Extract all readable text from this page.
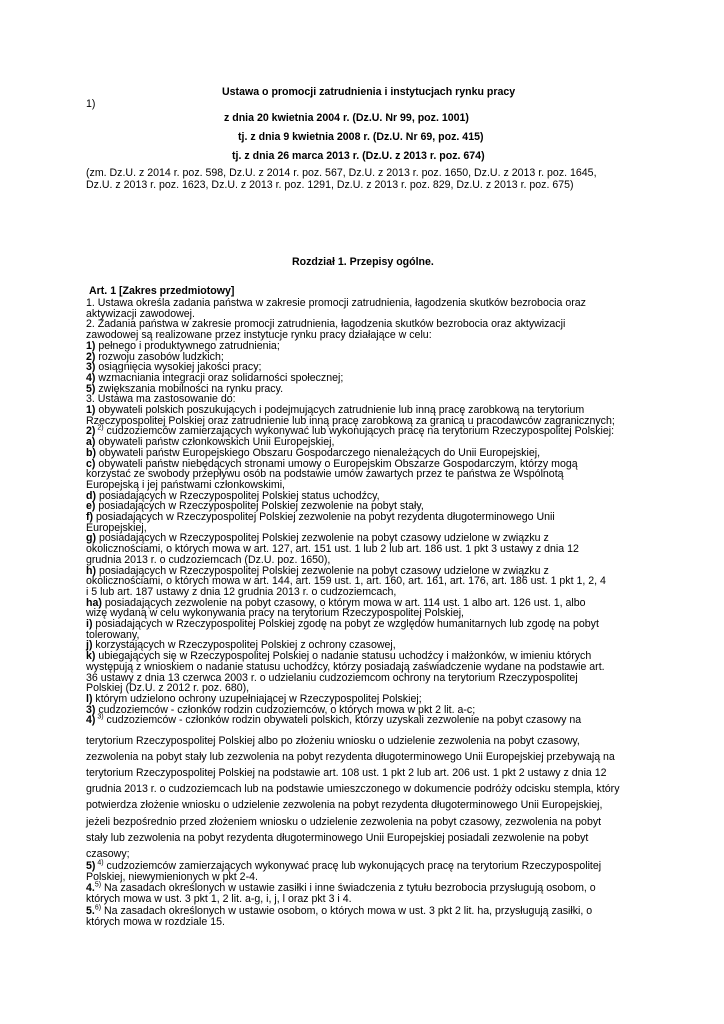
Ustawa o promocji zatrudnienia i instytucjach rynku pracy
1)
z dnia 20 kwietnia 2004 r. (Dz.U. Nr 99, poz. 1001)
tj. z dnia 9 kwietnia 2008 r. (Dz.U. Nr 69, poz. 415)
tj. z dnia 26 marca 2013 r. (Dz.U. z 2013 r. poz. 674)
(zm. Dz.U. z 2014 r. poz. 598, Dz.U. z 2014 r. poz. 567, Dz.U. z 2013 r. poz. 1650, Dz.U. z 2013 r. poz. 1645,
Dz.U. z 2013 r. poz. 1623, Dz.U. z 2013 r. poz. 1291, Dz.U. z 2013 r. poz. 829, Dz.U. z 2013 r. poz. 675)
Rozdział 1. Przepisy ogólne.
Art. 1 [Zakres przedmiotowy]
1. Ustawa określa zadania państwa w zakresie promocji zatrudnienia, łagodzenia skutków bezrobocia oraz
aktywizacji zawodowej.
2. Zadania państwa w zakresie promocji zatrudnienia, łagodzenia skutków bezrobocia oraz aktywizacji
zawodowej są realizowane przez instytucje rynku pracy działające w celu:
1) pełnego i produktywnego zatrudnienia;
2) rozwoju zasobów ludzkich;
3) osiągnięcia wysokiej jakości pracy;
4) wzmacniania integracji oraz solidarności społecznej;
5) zwiększania mobilności na rynku pracy.
3. Ustawa ma zastosowanie do:
1) obywateli polskich poszukujących i podejmujących zatrudnienie lub inną pracę zarobkową na terytorium
Rzeczypospolitej Polskiej oraz zatrudnienie lub inną pracę zarobkową za granicą u pracodawców zagranicznych;
2) $^{2)}$ cudzoziemców zamierzających wykonywać lub wykonujących pracę na terytorium Rzeczypospolitej Polskiej:
a) obywateli państw członkowskich Unii Europejskiej,
b) obywateli państw Europejskiego Obszaru Gospodarczego nienależących do Unii Europejskiej,
c) obywateli państw niebędących stronami umowy o Europejskim Obszarze Gospodarczym, którzy mogą
korzystać ze swobody przepływu osób na podstawie umów zawartych przez te państwa ze Wspólnotą
Europejską i jej państwami członkowskimi,
d) posiadających w Rzeczypospolitej Polskiej status uchodźcy,
e) posiadających w Rzeczypospolitej Polskiej zezwolenie na pobyt stały,
f) posiadających w Rzeczypospolitej Polskiej zezwolenie na pobyt rezydenta długoterminowego Unii
Europejskiej,
g) posiadających w Rzeczypospolitej Polskiej zezwolenie na pobyt czasowy udzielone w związku z
okolicznościami, o których mowa w art. 127, art. 151 ust. 1 lub 2 lub art. 186 ust. 1 pkt 3 ustawy z dnia 12
grudnia 2013 r. o cudzoziemcach (Dz.U. poz. 1650),
h) posiadających w Rzeczypospolitej Polskiej zezwolenie na pobyt czasowy udzielone w związku z
okolicznościami, o których mowa w art. 144, art. 159 ust. 1, art. 160, art. 161, art. 176, art. 186 ust. 1 pkt 1, 2, 4
i 5 lub art. 187 ustawy z dnia 12 grudnia 2013 r. o cudzoziemcach,
ha) posiadających zezwolenie na pobyt czasowy, o którym mowa w art. 114 ust. 1 albo art. 126 ust. 1, albo
wizę wydaną w celu wykonywania pracy na terytorium Rzeczypospolitej Polskiej,
i) posiadających w Rzeczypospolitej Polskiej zgodę na pobyt ze względów humanitarnych lub zgodę na pobyt
tolerowany,
j) korzystających w Rzeczypospolitej Polskiej z ochrony czasowej,
k) ubiegających się w Rzeczypospolitej Polskiej o nadanie statusu uchodźcy i małżonków, w imieniu których
występują z wnioskiem o nadanie statusu uchodźcy, którzy posiadają zaświadczenie wydane na podstawie art.
36 ustawy z dnia 13 czerwca 2003 r. o udzielaniu cudzoziemcom ochrony na terytorium Rzeczypospolitej
Polskiej (Dz.U. z 2012 r. poz. 680),
l) którym udzielono ochrony uzupełniającej w Rzeczypospolitej Polskiej;
3) cudzoziemców - członków rodzin cudzoziemców, o których mowa w pkt 2 lit. a-c;
4) $^{3)}$ cudzoziemców - członków rodzin obywateli polskich, którzy uzyskali zezwolenie na pobyt czasowy na
terytorium Rzeczypospolitej Polskiej albo po złożeniu wniosku o udzielenie zezwolenia na pobyt czasowy,
zezwolenia na pobyt stały lub zezwolenia na pobyt rezydenta długoterminowego Unii Europejskiej przebywają na
terytorium Rzeczypospolitej Polskiej na podstawie art. 108 ust. 1 pkt 2 lub art. 206 ust. 1 pkt 2 ustawy z dnia 12
grudnia 2013 r. o cudzoziemcach lub na podstawie umieszczonego w dokumencie podróży odcisku stempla, który
potwierdza złożenie wniosku o udzielenie zezwolenia na pobyt rezydenta długoterminowego Unii Europejskiej,
jeżeli bezpośrednio przed złożeniem wniosku o udzielenie zezwolenia na pobyt czasowy, zezwolenia na pobyt
stały lub zezwolenia na pobyt rezydenta długoterminowego Unii Europejskiej posiadali zezwolenie na pobyt
czasowy;
5) $^{4)}$ cudzoziemców zamierzających wykonywać pracę lub wykonujących pracę na terytorium Rzeczypospolitej
Polskiej, niewymienionych w pkt 2-4.
4.$^{5)}$ Na zasadach określonych w ustawie zasiłki i inne świadczenia z tytułu bezrobocia przysługują osobom, o
których mowa w ust. 3 pkt 1, 2 lit. a-g, i, j, l oraz pkt 3 i 4.
5.$^{6)}$ Na zasadach określonych w ustawie osobom, o których mowa w ust. 3 pkt 2 lit. ha, przysługują zasiłki, o
których mowa w rozdziale 15.
